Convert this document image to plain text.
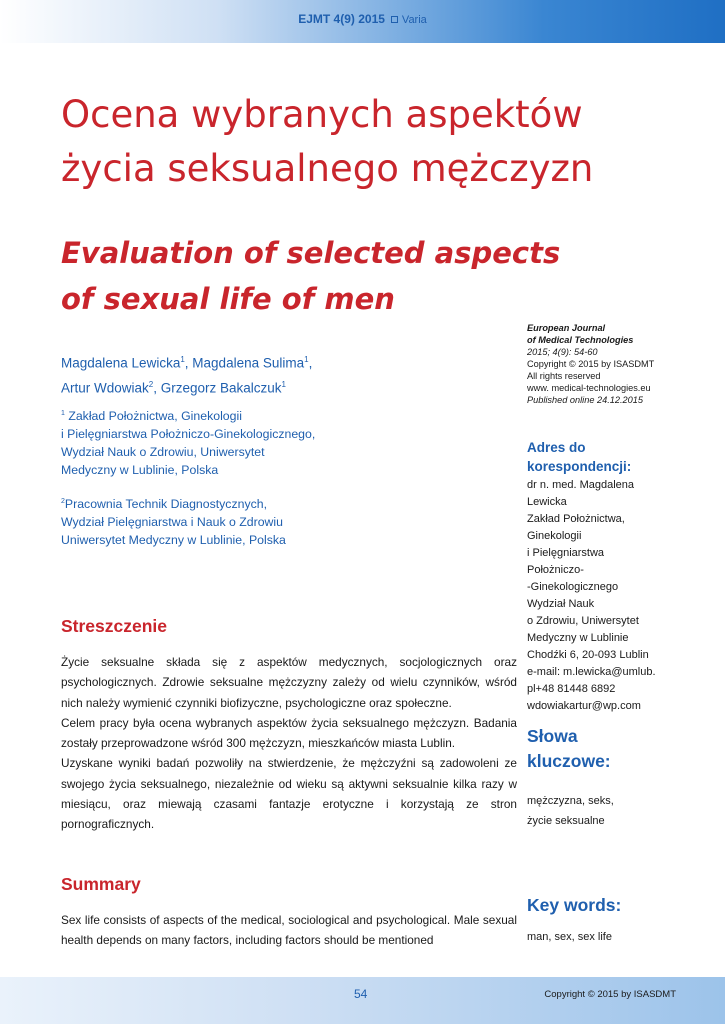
EJMT 4(9) 2015 Varia
Ocena wybranych aspektów
życia seksualnego mężczyzn
Evaluation of selected aspects
of sexual life of men
Magdalena Lewicka$^1$, Magdalena Sulima$^1$,
Artur Wdowiak$^2$, Grzegorz Bakalczuk$^1$
$^1$ Zakład Położnictwa, Ginekologii
i Pielęgniarstwa Położniczo-Ginekologicznego,
Wydział Nauk o Zdrowiu, Uniwersytet
Medyczny w Lublinie, Polska
$^2$Pracownia Technik Diagnostycznych,
Wydział Pielęgniarstwa i Nauk o Zdrowiu
Uniwersytet Medyczny w Lublinie, Polska
Streszczenie

Życie seksualne składa się z aspektów medycznych, socjologicznych oraz psychologicznych. Zdrowie seksualne mężczyzny zależy od wielu czynników, wśród nich należy wymienić czynniki biofizyczne, psychologiczne oraz społeczne.

Celem pracy była ocena wybranych aspektów życia seksualnego mężczyzn. Badania zostały przeprowadzone wśród 300 mężczyzn, mieszkańców miasta Lublin.

Uzyskane wyniki badań pozwoliły na stwierdzenie, że mężczyźni są zadowoleni ze swojego życia seksualnego, niezależnie od wieku są aktywni seksualnie kilka razy w miesiącu, oraz miewają czasami fantazje erotyczne i korzystają ze stron pornograficznych.

Summary

Sex life consists of aspects of the medical, sociological and psychological. Male sexual health depends on many factors, including factors should be mentioned

European Journal
of Medical Technologies
2015; 4(9): 54-60
Copyright © 2015 by ISASDMT
All rights reserved
www. medical-technologies.eu
Published online 24.12.2015
Adres do
korespondencji:
dr n. med. Magdalena
Lewicka
Zakład Położnictwa,
Ginekologii
i Pielęgniarstwa
Położniczo-
-Ginekologicznego
Wydział Nauk
o Zdrowiu, Uniwersytet
Medyczny w Lublinie
Chodźki 6, 20-093 Lublin
e-mail: m.lewicka@umlub.
pl+48 81448 6892
wdowiakartur@wp.com
Słowa
kluczowe:
mężczyzna, seks,
życie seksualne
Key words:
man, sex, sex life
54	Copyright © 2015 by ISASDMT
